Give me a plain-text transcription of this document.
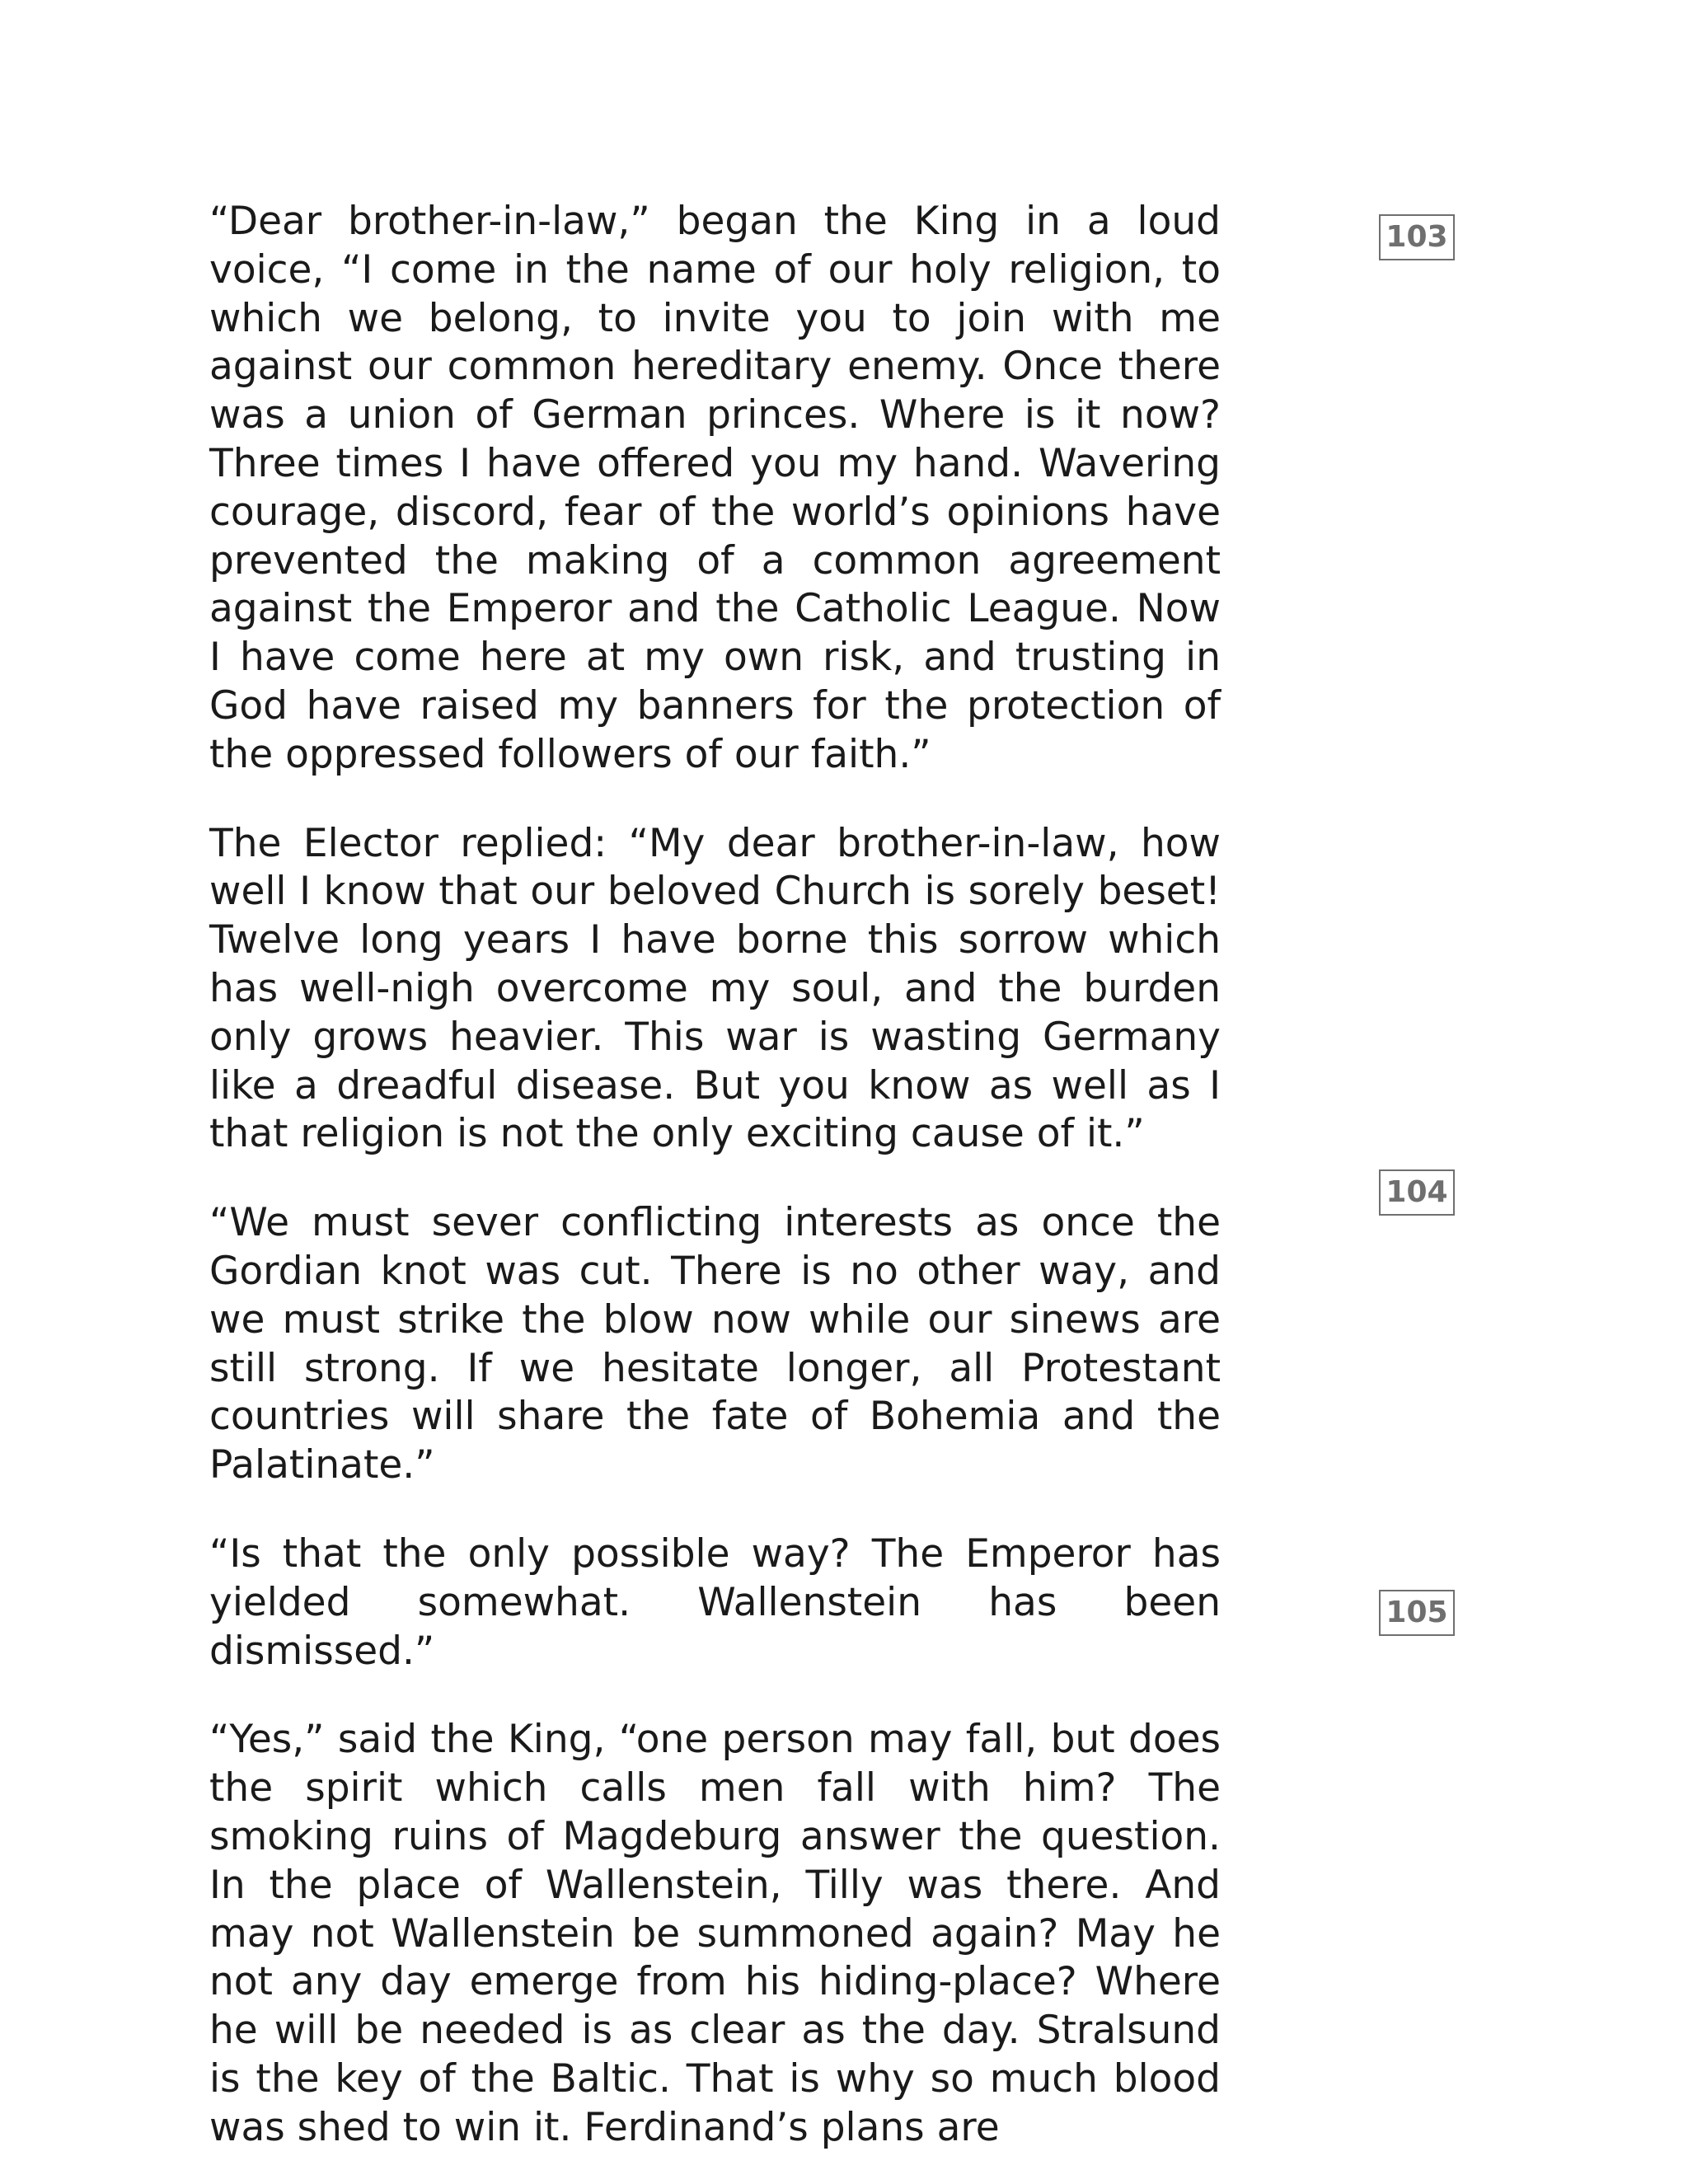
“Dear brother-in-law,” began the King in a loud voice, “I come in the name of our holy religion, to which we belong, to invite you to join with me against our common hereditary enemy. Once there was a union of German princes. Where is it now? Three times I have offered you my hand. Wavering courage, discord, fear of the world’s opinions have prevented the making of a common agreement against the Emperor and the Catholic League. Now I have come here at my own risk, and trusting in God have raised my banners for the protection of the oppressed followers of our faith.”

The Elector replied: “My dear brother-in-law, how well I know that our beloved Church is sorely beset! Twelve long years I have borne this sorrow which has well-nigh overcome my soul, and the burden only grows heavier. This war is wasting Germany like a dreadful disease. But you know as well as I that religion is not the only exciting cause of it.”

“We must sever conflicting interests as once the Gordian knot was cut. There is no other way, and we must strike the blow now while our sinews are still strong. If we hesitate longer, all Protestant countries will share the fate of Bohemia and the Palatinate.”

“Is that the only possible way? The Emperor has yielded somewhat. Wallenstein has been dismissed.”

“Yes,” said the King, “one person may fall, but does the spirit which calls men fall with him? The smoking ruins of Magdeburg answer the question. In the place of Wallenstein, Tilly was there. And may not Wallenstein be summoned again? May he not any day emerge from his hiding-place? Where he will be needed is as clear as the day. Stralsund is the key of the Baltic. That is why so much blood was shed to win it. Ferdinand’s plans are

103
104
105
